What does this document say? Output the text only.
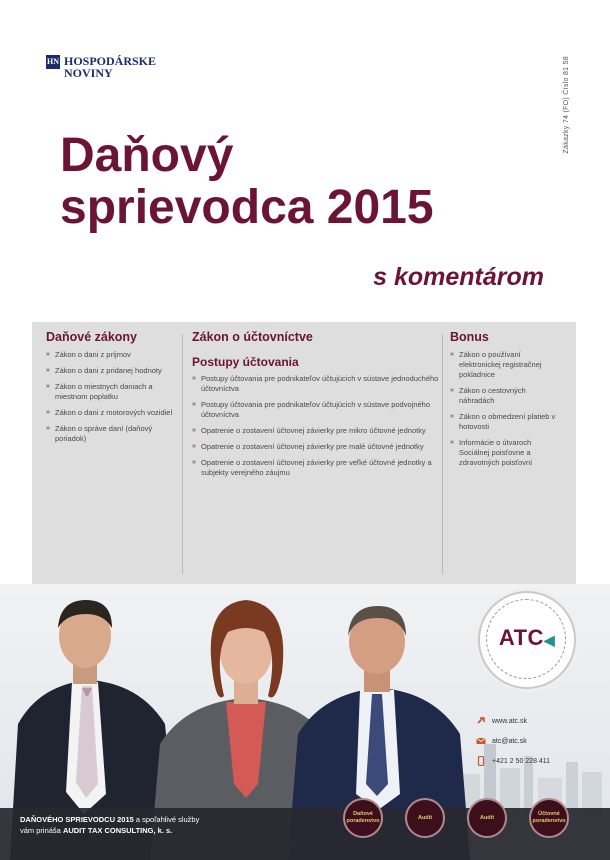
HN HOSPODÁRSKE
NOVINY	Zákazky 74 (FO) Číslo 81 58
Daňový
sprievodca 2015
s komentárom
Daňové zákony
» Zákon o dani z príjmov
» Zákon o dani z pridanej hodnoty
» Zákon o miestnych daniach a miestnom poplatku
» Zákon o dani z motorových vozidiel
» Zákon o správe daní (daňový poriadok)
Zákon o účtovníctve
Postupy účtovania
» Postupy účtovania pre podnikateľov účtujúcich v sústave jednoduchého účtovníctva
» Postupy účtovania pre podnikateľov účtujúcich v sústave podvojného účtovníctva
» Opatrenie o zostavení účtovnej závierky pre mikro účtovné jednotky
» Opatrenie o zostavení účtovnej závierky pre malé účtovné jednotky
» Opatrenie o zostavení účtovnej závierky pre veľké účtovné jednotky a subjekty verejného záujmu
Bonus
» Zákon o používaní elektronickej registračnej pokladnice
» Zákon o cestovných náhradách
» Zákon o obmedzení platieb v hotovosti
» Informácie o útvaroch Sociálnej poisťovne a zdravotných poisťovní
ATC◀
www.atc.sk
atc@atc.sk
+421 2 50 228 411
DAŇOVÉHO SPRIEVODCU 2015 a spoľahlivé služby
vám prináša AUDIT TAX CONSULTING, k. s.
Daňové poradenstvo
Audit	Audit
Účtovné poradenstvo
